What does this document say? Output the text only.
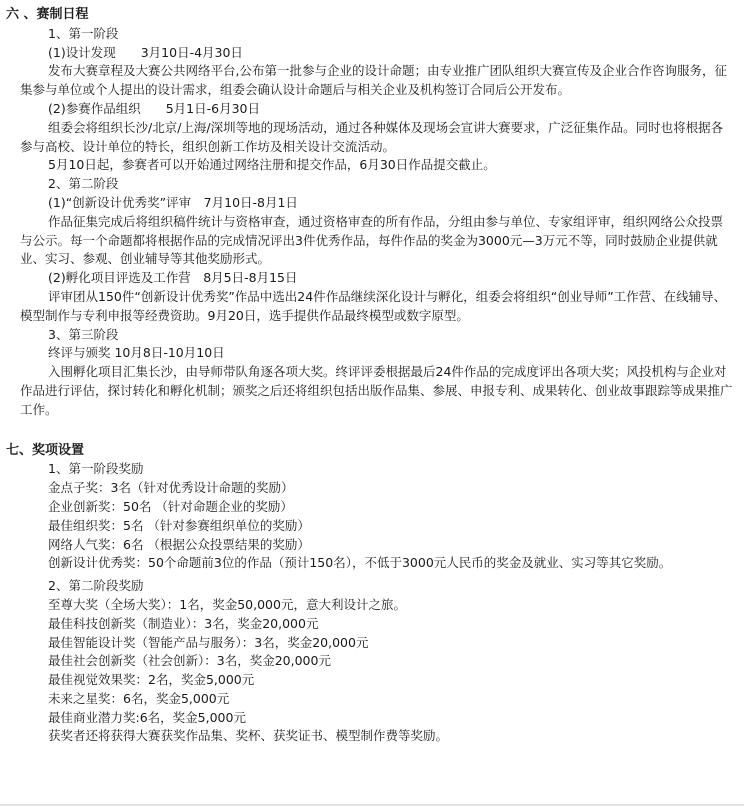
六 、赛制日程
1、第一阶段
(1)设计发现　　3月10日-4月30日
发布大赛章程及大赛公共网络平台,公布第一批参与企业的设计命题；由专业推广团队组织大赛宣传及企业合作咨询服务，征集参与单位或个人提出的设计需求，组委会确认设计命题后与相关企业及机构签订合同后公开发布。
(2)参赛作品组织　　5月1日-6月30日
组委会将组织长沙/北京/上海/深圳等地的现场活动，通过各种媒体及现场会宣讲大赛要求，广泛征集作品。同时也将根据各参与高校、设计单位的特长，组织创新工作坊及相关设计交流活动。
5月10日起，参赛者可以开始通过网络注册和提交作品，6月30日作品提交截止。
2、第二阶段
(1)“创新设计优秀奖”评审　7月10日-8月1日
作品征集完成后将组织稿件统计与资格审查，通过资格审查的所有作品，分组由参与单位、专家组评审，组织网络公众投票与公示。每一个命题都将根据作品的完成情况评出3件优秀作品，每件作品的奖金为3000元—3万元不等，同时鼓励企业提供就业、实习、参观、创业辅导等其他奖励形式。
(2)孵化项目评选及工作营　8月5日-8月15日
评审团从150件“创新设计优秀奖”作品中选出24件作品继续深化设计与孵化，组委会将组织“创业导师”工作营、在线辅导、模型制作与专利申报等经费资助。9月20日，选手提供作品最终模型或数字原型。
3、第三阶段
终评与颁奖 10月8日-10月10日
入围孵化项目汇集长沙，由导师带队角逐各项大奖。终评评委根据最后24件作品的完成度评出各项大奖；风投机构与企业对作品进行评估，探讨转化和孵化机制；颁奖之后还将组织包括出版作品集、参展、申报专利、成果转化、创业故事跟踪等成果推广工作。
七、奖项设置
1、第一阶段奖励
金点子奖：3名（针对优秀设计命题的奖励）
企业创新奖：50名 （针对命题企业的奖励）
最佳组织奖：5名 （针对参赛组织单位的奖励）
网络人气奖：6名 （根据公众投票结果的奖励）
创新设计优秀奖：50个命题前3位的作品（预计150名），不低于3000元人民币的奖金及就业、实习等其它奖励。
2、第二阶段奖励
至尊大奖（全场大奖）：1名，奖金50,000元，意大利设计之旅。
最佳科技创新奖（制造业）：3名，奖金20,000元
最佳智能设计奖（智能产品与服务）：3名，奖金20,000元
最佳社会创新奖（社会创新）：3名，奖金20,000元
最佳视觉效果奖：2名，奖金5,000元
未来之星奖：6名，奖金5,000元
最佳商业潜力奖:6名，奖金5,000元
获奖者还将获得大赛获奖作品集、奖杯、获奖证书、模型制作费等奖励。
